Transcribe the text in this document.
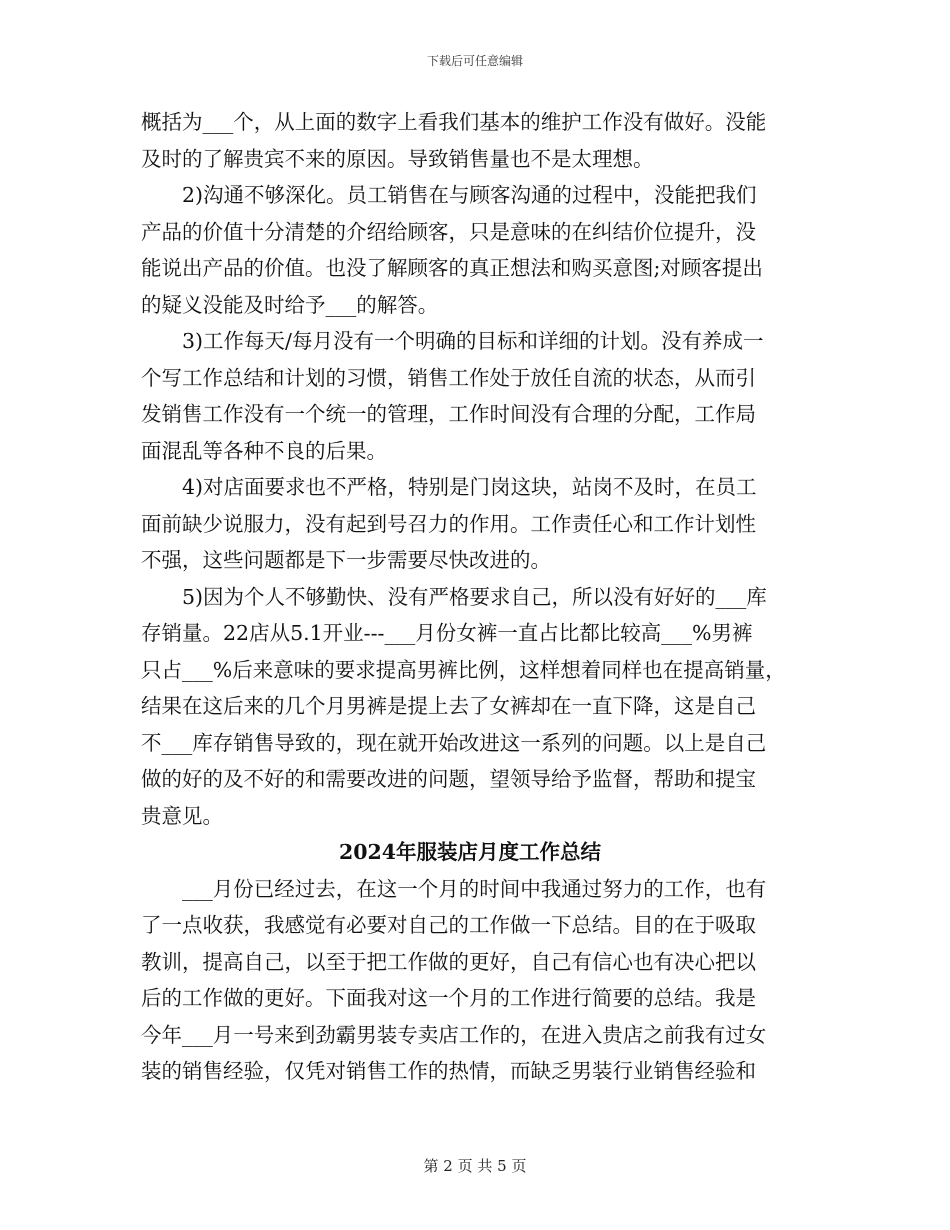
下载后可任意编辑
概括为___个，从上面的数字上看我们基本的维护工作没有做好。没能
及时的了解贵宾不来的原因。导致销售量也不是太理想。
　　2)沟通不够深化。员工销售在与顾客沟通的过程中，没能把我们
产品的价值十分清楚的介绍给顾客，只是意味的在纠结价位提升，没
能说出产品的价值。也没了解顾客的真正想法和购买意图;对顾客提出
的疑义没能及时给予___的解答。
　　3)工作每天/每月没有一个明确的目标和详细的计划。没有养成一
个写工作总结和计划的习惯，销售工作处于放任自流的状态，从而引
发销售工作没有一个统一的管理，工作时间没有合理的分配，工作局
面混乱等各种不良的后果。
　　4)对店面要求也不严格，特别是门岗这块，站岗不及时，在员工
面前缺少说服力，没有起到号召力的作用。工作责任心和工作计划性
不强，这些问题都是下一步需要尽快改进的。
　　5)因为个人不够勤快、没有严格要求自己，所以没有好好的___库
存销量。22店从5.1开业---___月份女裤一直占比都比较高___%男裤
只占___%后来意味的要求提高男裤比例，这样想着同样也在提高销量，
结果在这后来的几个月男裤是提上去了女裤却在一直下降，这是自己
不___库存销售导致的，现在就开始改进这一系列的问题。以上是自己
做的好的及不好的和需要改进的问题，望领导给予监督，帮助和提宝
贵意见。
2024年服装店月度工作总结
　　___月份已经过去，在这一个月的时间中我通过努力的工作，也有
了一点收获，我感觉有必要对自己的工作做一下总结。目的在于吸取
教训，提高自己，以至于把工作做的更好，自己有信心也有决心把以
后的工作做的更好。下面我对这一个月的工作进行简要的总结。我是
今年___月一号来到劲霸男装专卖店工作的，在进入贵店之前我有过女
装的销售经验，仅凭对销售工作的热情，而缺乏男装行业销售经验和
第 2 页 共 5 页
